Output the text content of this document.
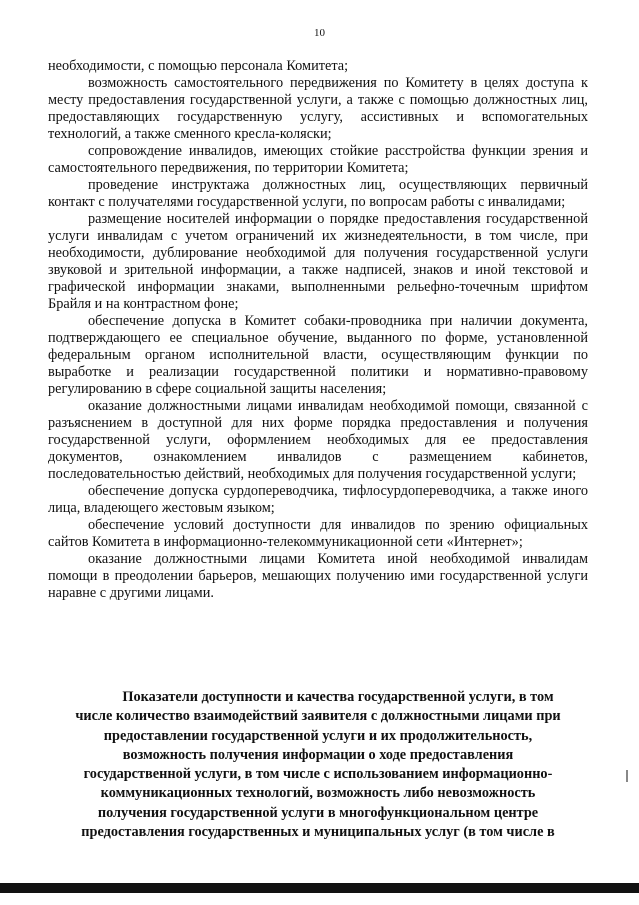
10

необходимости, с помощью персонала Комитета;

возможность самостоятельного передвижения по Комитету в целях доступа к месту предоставления государственной услуги, а также с помощью должностных лиц, предоставляющих государственную услугу, ассистивных и вспомогательных технологий, а также сменного кресла-коляски;

сопровождение инвалидов, имеющих стойкие расстройства функции зрения и самостоятельного передвижения, по территории Комитета;

проведение инструктажа должностных лиц, осуществляющих первичный контакт с получателями государственной услуги, по вопросам работы с инвалидами;

размещение носителей информации о порядке предоставления государственной услуги инвалидам с учетом ограничений их жизнедеятельности, в том числе, при необходимости, дублирование необходимой для получения государственной услуги звуковой и зрительной информации, а также надписей, знаков и иной текстовой и графической информации знаками, выполненными рельефно-точечным шрифтом Брайля и на контрастном фоне;

обеспечение допуска в Комитет собаки-проводника при наличии документа, подтверждающего ее специальное обучение, выданного по форме, установленной федеральным органом исполнительной власти, осуществляющим функции по выработке и реализации государственной политики и нормативно-правовому регулированию в сфере социальной защиты населения;

оказание должностными лицами инвалидам необходимой помощи, связанной с разъяснением в доступной для них форме порядка предоставления и получения государственной услуги, оформлением необходимых для ее предоставления документов, ознакомлением инвалидов с размещением кабинетов, последовательностью действий, необходимых для получения государственной услуги;

обеспечение допуска сурдопереводчика, тифлосурдопереводчика, а также иного лица, владеющего жестовым языком;

обеспечение условий доступности для инвалидов по зрению официальных сайтов Комитета в информационно-телекоммуникационной сети «Интернет»;

оказание должностными лицами Комитета иной необходимой инвалидам помощи в преодолении барьеров, мешающих получению ими государственной услуги наравне с другими лицами.

Показатели доступности и качества государственной услуги, в том
числе количество взаимодействий заявителя с должностными лицами при
предоставлении государственной услуги и их продолжительность,
возможность получения информации о ходе предоставления
государственной услуги, в том числе с использованием информационно-
коммуникационных технологий, возможность либо невозможность
получения государственной услуги в многофункциональном центре
предоставления государственных и муниципальных услуг (в том числе в
